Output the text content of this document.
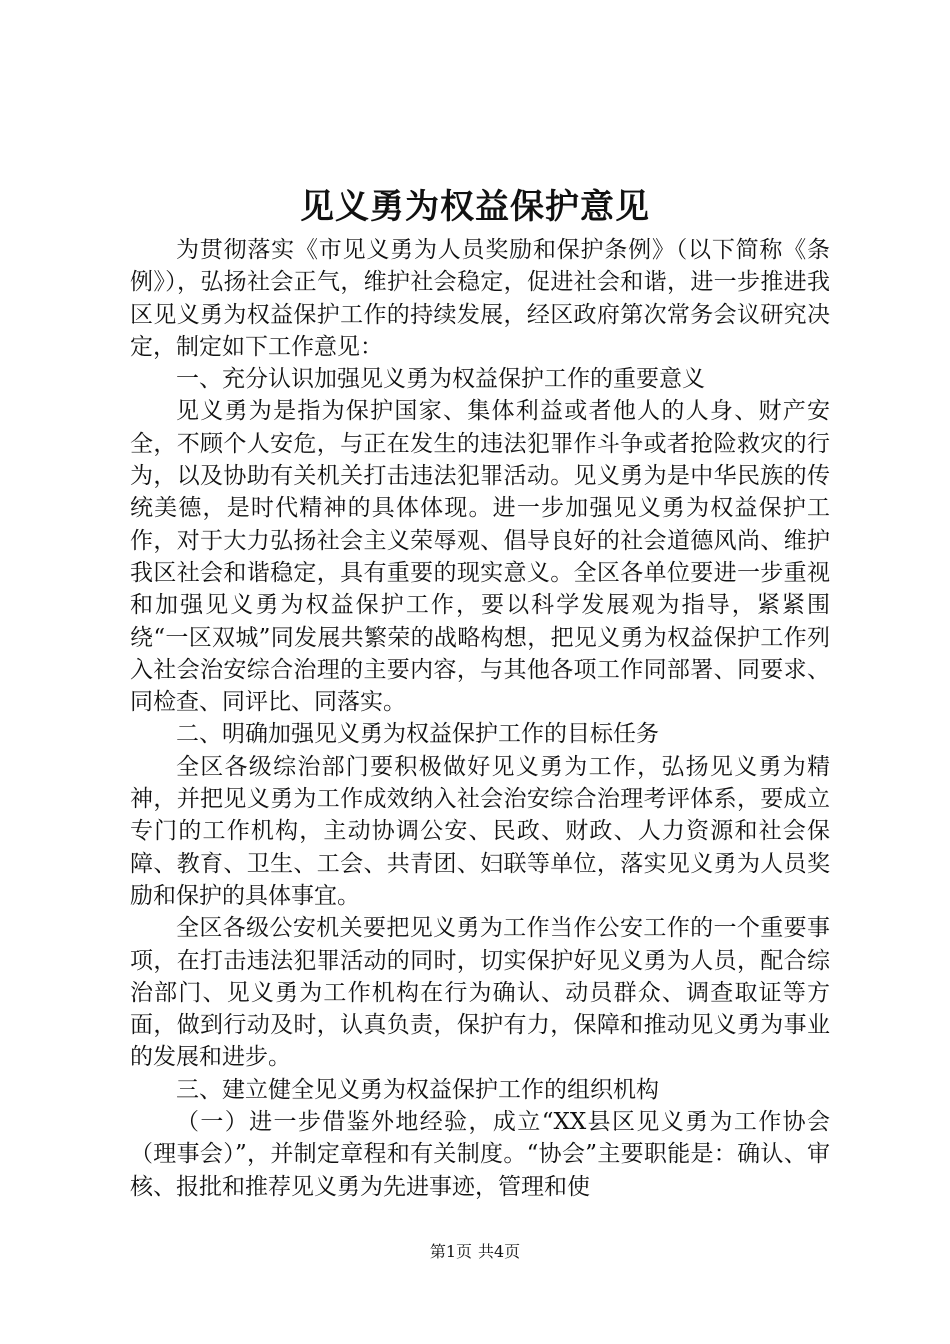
见义勇为权益保护意见

为贯彻落实《市见义勇为人员奖励和保护条例》（以下简称《条例》），弘扬社会正气，维护社会稳定，促进社会和谐，进一步推进我区见义勇为权益保护工作的持续发展，经区政府第次常务会议研究决定，制定如下工作意见：

一、充分认识加强见义勇为权益保护工作的重要意义

见义勇为是指为保护国家、集体利益或者他人的人身、财产安全，不顾个人安危，与正在发生的违法犯罪作斗争或者抢险救灾的行为，以及协助有关机关打击违法犯罪活动。见义勇为是中华民族的传统美德，是时代精神的具体体现。进一步加强见义勇为权益保护工作，对于大力弘扬社会主义荣辱观、倡导良好的社会道德风尚、维护我区社会和谐稳定，具有重要的现实意义。全区各单位要进一步重视和加强见义勇为权益保护工作，要以科学发展观为指导，紧紧围绕“一区双城”同发展共繁荣的战略构想，把见义勇为权益保护工作列入社会治安综合治理的主要内容，与其他各项工作同部署、同要求、同检查、同评比、同落实。

二、明确加强见义勇为权益保护工作的目标任务

全区各级综治部门要积极做好见义勇为工作，弘扬见义勇为精神，并把见义勇为工作成效纳入社会治安综合治理考评体系，要成立专门的工作机构，主动协调公安、民政、财政、人力资源和社会保障、教育、卫生、工会、共青团、妇联等单位，落实见义勇为人员奖励和保护的具体事宜。

全区各级公安机关要把见义勇为工作当作公安工作的一个重要事项，在打击违法犯罪活动的同时，切实保护好见义勇为人员，配合综治部门、见义勇为工作机构在行为确认、动员群众、调查取证等方面，做到行动及时，认真负责，保护有力，保障和推动见义勇为事业的发展和进步。

三、建立健全见义勇为权益保护工作的组织机构

（一）进一步借鉴外地经验，成立“XX县区见义勇为工作协会（理事会）”，并制定章程和有关制度。“协会”主要职能是：确认、审核、报批和推荐见义勇为先进事迹，管理和使

第1页 共4页
